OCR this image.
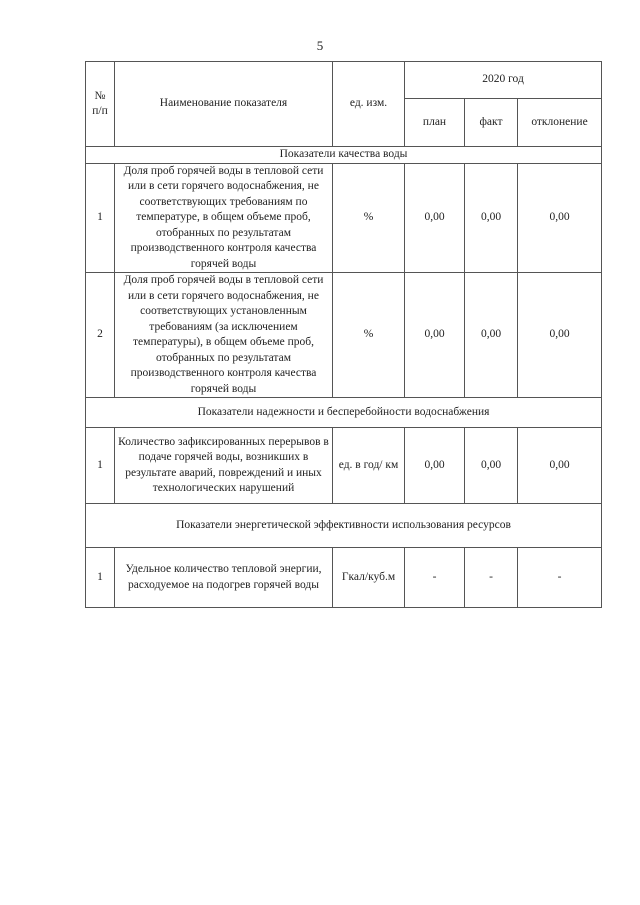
5
№ п/п	Наименование показателя	ед. изм.	2020 год		
			план	факт	отклонение
Показатели качества воды					
1	Доля проб горячей воды в тепловой сети или в сети горячего водоснабжения, не соответствующих требованиям по температуре, в общем объеме проб, отобранных по результатам производственного контроля качества горячей воды	%	0,00	0,00	0,00
2	Доля проб горячей воды в тепловой сети или в сети горячего водоснабжения, не соответствующих установленным требованиям (за исключением температуры), в общем объеме проб, отобранных по результатам производственного контроля качества горячей воды	%	0,00	0,00	0,00
Показатели надежности и бесперебойности водоснабжения					
1	Количество зафиксированных перерывов в подаче горячей воды, возникших в результате аварий, повреждений и иных технологических нарушений	ед. в год/ км	0,00	0,00	0,00
Показатели энергетической эффективности использования ресурсов					
1	Удельное количество тепловой энергии, расходуемое на подогрев горячей воды	Гкал/куб.м	-	-	-
